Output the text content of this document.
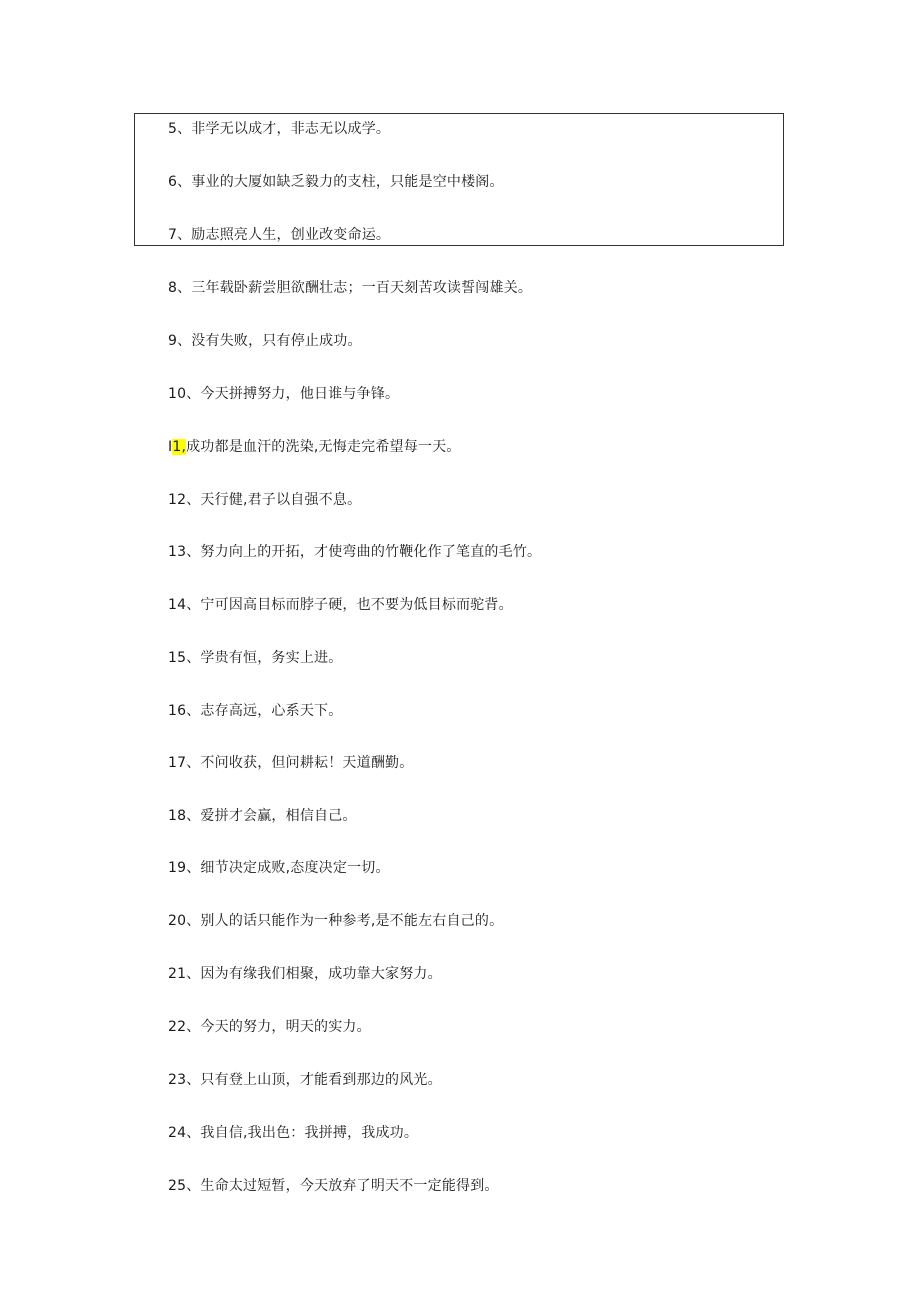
5、非学无以成才，非志无以成学。
6、事业的大厦如缺乏毅力的支柱，只能是空中楼阁。
7、励志照亮人生，创业改变命运。
8、三年载卧薪尝胆欲酬壮志；一百天刻苦攻读誓闯雄关。
9、没有失败，只有停止成功。
10、今天拼搏努力，他日谁与争锋。
I1,成功都是血汗的洗染,无悔走完希望每一天。
12、天行健,君子以自强不息。
13、努力向上的开拓，才使弯曲的竹鞭化作了笔直的毛竹。
14、宁可因高目标而脖子硬，也不要为低目标而驼背。
15、学贵有恒，务实上进。
16、志存高远，心系天下。
17、不问收获，但问耕耘！天道酬勤。
18、爱拼才会赢，相信自己。
19、细节决定成败,态度决定一切。
20、别人的话只能作为一种参考,是不能左右自己的。
21、因为有缘我们相聚，成功靠大家努力。
22、今天的努力，明天的实力。
23、只有登上山顶，才能看到那边的风光。
24、我自信,我出色：我拼搏，我成功。
25、生命太过短暂，今天放弃了明天不一定能得到。
